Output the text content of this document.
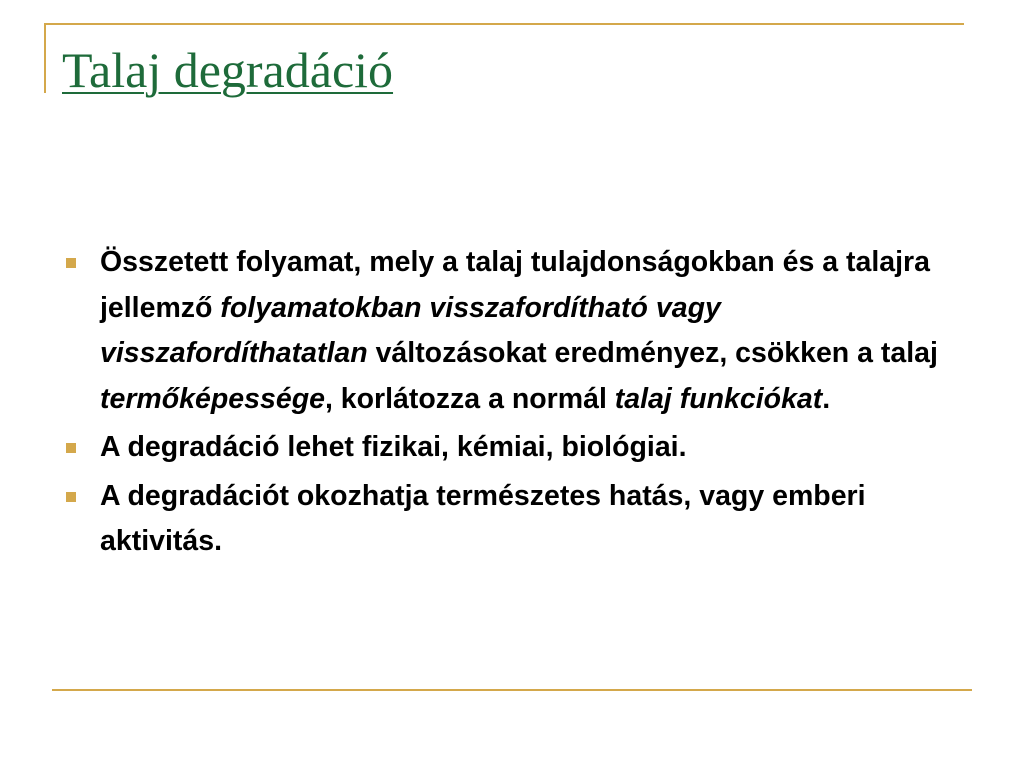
Talaj degradáció
Összetett folyamat, mely a talaj tulajdonságokban és a talajra jellemző folyamatokban visszafordítható vagy visszafordíthatatlan változásokat eredményez, csökken a talaj termőképessége, korlátozza a normál talaj funkciókat.
A degradáció lehet fizikai, kémiai, biológiai.
A degradációt okozhatja természetes hatás, vagy emberi aktivitás.
